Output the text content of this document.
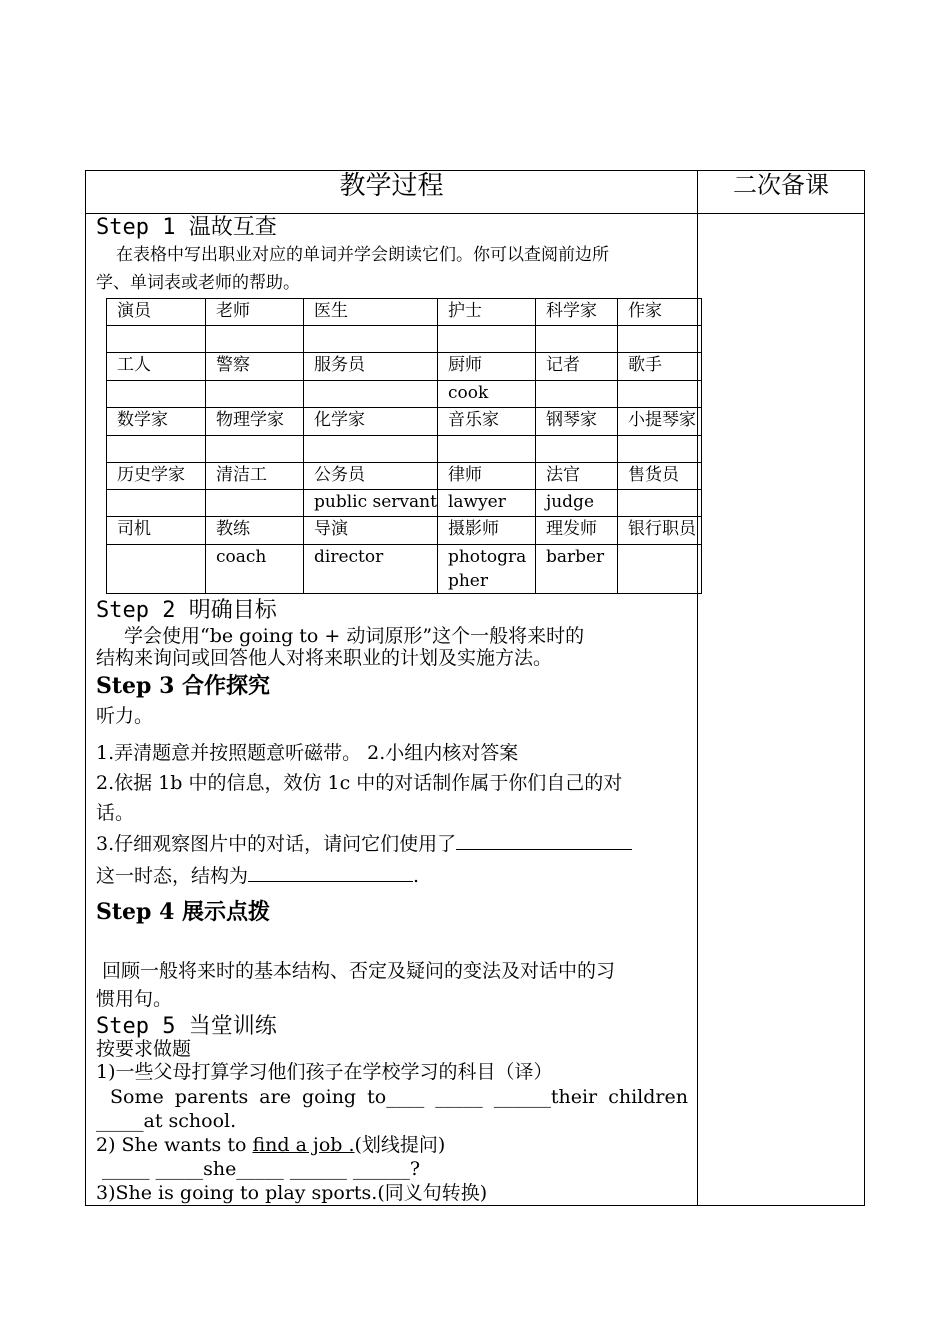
教学过程	二次备课
Step 1 温故互查
在表格中写出职业对应的单词并学会朗读它们。你可以查阅前边所
学、单词表或老师的帮助。
演员	老师	医生	护士	科学家	作家

工人	警察	服务员	厨师	记者	歌手
			cook		
数学家	物理学家	化学家	音乐家	钢琴家	小提琴家

历史学家	清洁工	公务员	律师	法官	售货员
		public servant	lawyer	judge	
司机	教练	导演	摄影师	理发师	银行职员
	coach	director	photographer	barber	
Step 2 明确目标
学会使用“be going to + 动词原形”这个一般将来时的
结构来询问或回答他人对将来职业的计划及实施方法。
Step 3 合作探究
听力。
1.弄清题意并按照题意听磁带。 2.小组内核对答案
2.依据 1b 中的信息，效仿 1c 中的对话制作属于你们自己的对
话。
3.仔细观察图片中的对话，请问它们使用了
这一时态，结构为	.
Step 4 展示点拨
回顾一般将来时的基本结构、否定及疑问的变法及对话中的习
惯用句。
Step 5 当堂训练
按要求做题
1)一些父母打算学习他们孩子在学校学习的科目（译）
Some parents are going to____ _____ ______their children
_____at school.
2) She wants to find a job .(划线提问)
_____ _____she_____ ______ ______?
3)She is going to play sports.(同义句转换)
